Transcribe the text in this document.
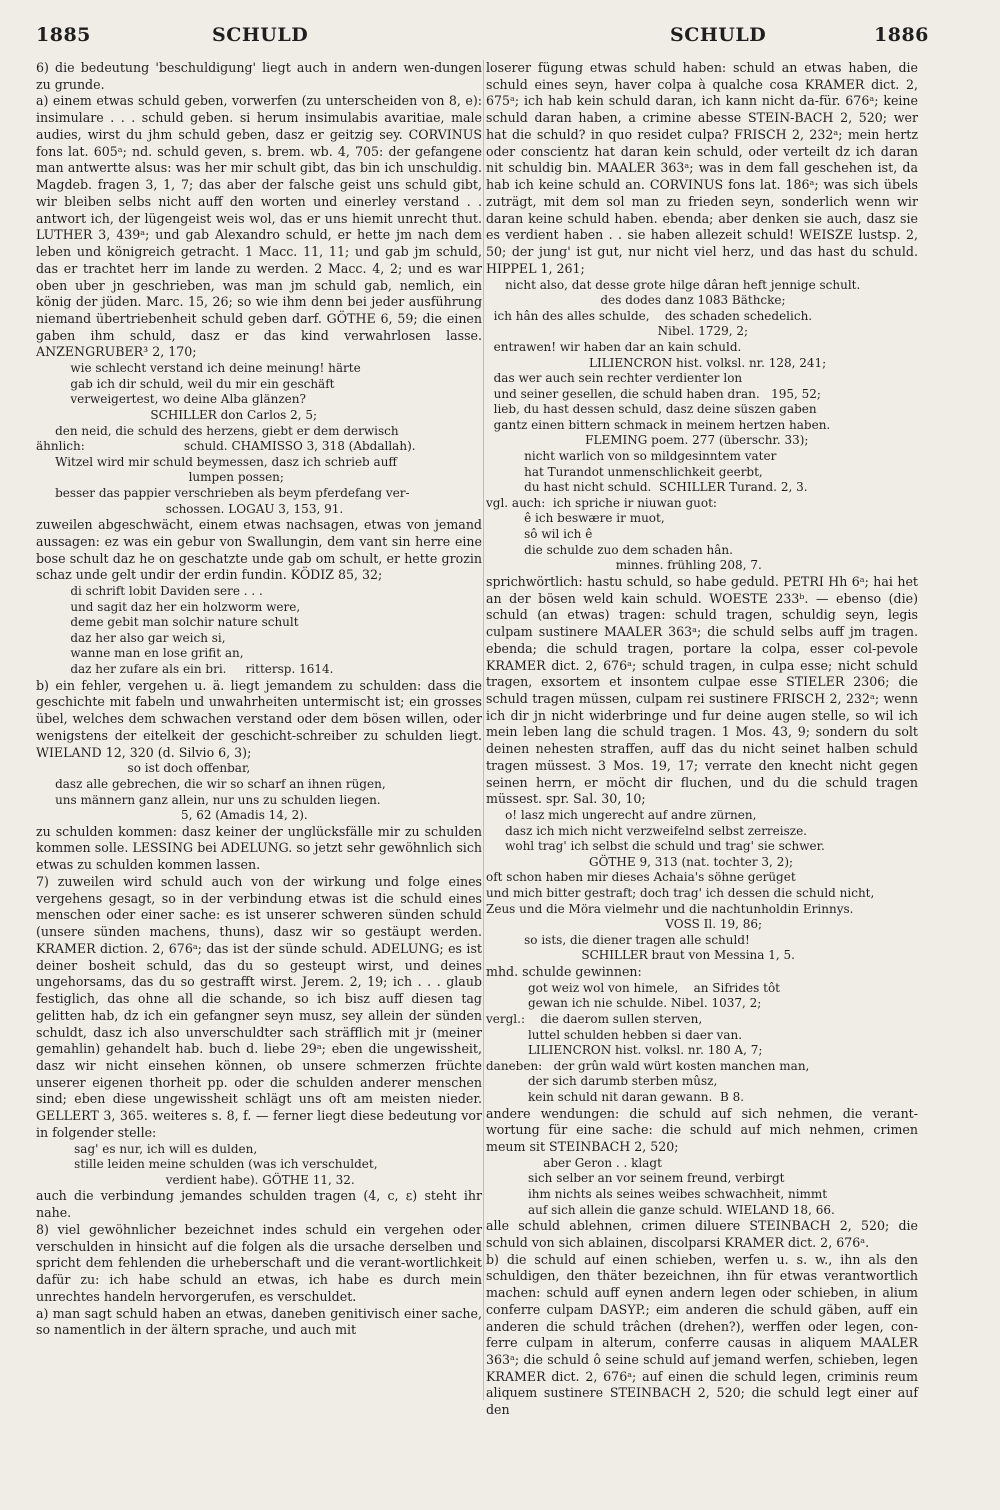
1885	SCHULD	SCHULD	1886

6) die bedeutung 'beschuldigung' liegt auch in andern wen-dungen zu grunde.

a) einem etwas schuld geben, vorwerfen (zu unterscheiden von 8, e): insimulare . . . schuld geben. si herum insimulabis avaritiae, male audies, wirst du jhm schuld geben, dasz er geitzig sey. CORVINUS fons lat. 605ᵃ; nd. schuld geven, s. brem. wb. 4, 705: der gefangene man antwertte alsus: was her mir schult gibt, das bin ich unschuldig. Magdeb. fragen 3, 1, 7; das aber der falsche geist uns schuld gibt, wir bleiben selbs nicht auff den worten und einerley verstand . . antwort ich, der lügengeist weis wol, das er uns hiemit unrecht thut. LUTHER 3, 439ᵃ; und gab Alexandro schuld, er hette jm nach dem leben und königreich getracht. 1 Macc. 11, 11; und gab jm schuld, das er trachtet herr im lande zu werden. 2 Macc. 4, 2; und es war oben uber jn geschrieben, was man jm schuld gab, nemlich, ein könig der jüden. Marc. 15, 26; so wie ihm denn bei jeder ausführung niemand übertriebenheit schuld geben darf. GÖTHE 6, 59; die einen gaben ihm schuld, dasz er das kind verwahrlosen lasse. ANZENGRUBER³ 2, 170;

wie schlecht verstand ich deine meinung! härte
gab ich dir schuld, weil du mir ein geschäft
verweigertest, wo deine Alba glänzen?
SCHILLER don Carlos 2, 5;

den neid, die schuld des herzens, giebt er dem derwisch
ähnlich:                          schuld. CHAMISSO 3, 318 (Abdallah).

Witzel wird mir schuld beymessen, dasz ich schrieb auff
lumpen possen;
besser das pappier verschrieben als beym pferdefang ver-
schossen. LOGAU 3, 153, 91.

zuweilen abgeschwächt, einem etwas nachsagen, etwas von jemand aussagen: ez was ein gebur von Swallungin, dem vant sin herre eine bose schult daz he on geschatzte unde gab om schult, er hette grozin schaz unde gelt undir der erdin fundin. KÖDIZ 85, 32;

di schrift lobit Daviden sere . . .
und sagit daz her ein holzworm were,
deme gebit man solchir nature schult
daz her also gar weich si,
wanne man en lose grifit an,
daz her zufare als ein bri.     rittersp. 1614.

b) ein fehler, vergehen u. ä. liegt jemandem zu schulden: dass die geschichte mit fabeln und unwahrheiten untermischt ist; ein grosses übel, welches dem schwachen verstand oder dem bösen willen, oder wenigstens der eitelkeit der geschicht-schreiber zu schulden liegt. WIELAND 12, 320 (d. Silvio 6, 3);

so ist doch offenbar,
dasz alle gebrechen, die wir so scharf an ihnen rügen,
uns männern ganz allein, nur uns zu schulden liegen.
5, 62 (Amadis 14, 2).

zu schulden kommen: dasz keiner der unglücksfälle mir zu schulden kommen solle. LESSING bei ADELUNG. so jetzt sehr gewöhnlich sich etwas zu schulden kommen lassen.

7) zuweilen wird schuld auch von der wirkung und folge eines vergehens gesagt, so in der verbindung etwas ist die schuld eines menschen oder einer sache: es ist unserer schweren sünden schuld (unsere sünden machens, thuns), dasz wir so gestäupt werden. KRAMER diction. 2, 676ᵃ; das ist der sünde schuld. ADELUNG; es ist deiner bosheit schuld, das du so gesteupt wirst, und deines ungehorsams, das du so gestrafft wirst. Jerem. 2, 19; ich . . . glaub festiglich, das ohne all die schande, so ich bisz auff diesen tag gelitten hab, dz ich ein gefangner seyn musz, sey allein der sünden schuldt, dasz ich also unverschuldter sach sträfflich mit jr (meiner gemahlin) gehandelt hab. buch d. liebe 29ᵃ; eben die ungewissheit, dasz wir nicht einsehen können, ob unsere schmerzen früchte unserer eigenen thorheit pp. oder die schulden anderer menschen sind; eben diese ungewissheit schlägt uns oft am meisten nieder. GELLERT 3, 365. weiteres s. 8, f. — ferner liegt diese bedeutung vor in folgender stelle:

sag' es nur, ich will es dulden,
stille leiden meine schulden (was ich verschuldet,
verdient habe). GÖTHE 11, 32.

auch die verbindung jemandes schulden tragen (4, c, ε) steht ihr nahe.

8) viel gewöhnlicher bezeichnet indes schuld ein vergehen oder verschulden in hinsicht auf die folgen als die ursache derselben und spricht dem fehlenden die urheberschaft und die verant-wortlichkeit dafür zu: ich habe schuld an etwas, ich habe es durch mein unrechtes handeln hervorgerufen, es verschuldet.

a) man sagt schuld haben an etwas, daneben genitivisch einer sache, so namentlich in der ältern sprache, und auch mit

loserer fügung etwas schuld haben: schuld an etwas haben, die schuld eines seyn, haver colpa à qualche cosa KRAMER dict. 2, 675ᵃ; ich hab kein schuld daran, ich kann nicht da-für. 676ᵃ; keine schuld daran haben, a crimine abesse STEIN-BACH 2, 520; wer hat die schuld? in quo residet culpa? FRISCH 2, 232ᵃ; mein hertz oder conscientz hat daran kein schuld, oder verteilt dz ich daran nit schuldig bin. MAALER 363ᵃ; was in dem fall geschehen ist, da hab ich keine schuld an. CORVINUS fons lat. 186ᵃ; was sich übels zuträgt, mit dem sol man zu frieden seyn, sonderlich wenn wir daran keine schuld haben. ebenda; aber denken sie auch, dasz sie es verdient haben . . sie haben allezeit schuld! WEISZE lustsp. 2, 50; der jung' ist gut, nur nicht viel herz, und das hast du schuld. HIPPEL 1, 261;

nicht also, dat desse grote hilge dâran heft jennige schult.
des dodes danz 1083 Bäthcke;

ich hân des alles schulde,    des schaden schedelich.
Nibel. 1729, 2;

entrawen! wir haben dar an kain schuld.
LILIENCRON hist. volksl. nr. 128, 241;

das wer auch sein rechter verdienter lon
und seiner gesellen, die schuld haben dran.   195, 52;

lieb, du hast dessen schuld, dasz deine süszen gaben
gantz einen bittern schmack in meinem hertzen haben.
FLEMING poem. 277 (überschr. 33);

nicht warlich von so mildgesinntem vater
hat Turandot unmenschlichkeit geerbt,
du hast nicht schuld.  SCHILLER Turand. 2, 3.

vgl. auch:  ich spriche ir niuwan guot:
ê ich beswære ir muot,
sô wil ich ê
die schulde zuo dem schaden hân.
minnes. frühling 208, 7.

sprichwörtlich: hastu schuld, so habe geduld. PETRI Hh 6ᵃ; hai het an der bösen weld kain schuld. WOESTE 233ᵇ. — ebenso (die) schuld (an etwas) tragen: schuld tragen, schuldig seyn, legis culpam sustinere MAALER 363ᵃ; die schuld selbs auff jm tragen. ebenda; die schuld tragen, portare la colpa, esser col-pevole KRAMER dict. 2, 676ᵃ; schuld tragen, in culpa esse; nicht schuld tragen, exsortem et insontem culpae esse STIELER 2306; die schuld tragen müssen, culpam rei sustinere FRISCH 2, 232ᵃ; wenn ich dir jn nicht widerbringe und fur deine augen stelle, so wil ich mein leben lang die schuld tragen. 1 Mos. 43, 9; sondern du solt deinen nehesten straffen, auff das du nicht seinet halben schuld tragen müssest. 3 Mos. 19, 17; verrate den knecht nicht gegen seinen herrn, er möcht dir fluchen, und du die schuld tragen müssest. spr. Sal. 30, 10;

o! lasz mich ungerecht auf andre zürnen,
dasz ich mich nicht verzweifelnd selbst zerreisze.
wohl trag' ich selbst die schuld und trag' sie schwer.
GÖTHE 9, 313 (nat. tochter 3, 2);

oft schon haben mir dieses Achaia's söhne gerüget
und mich bitter gestraft; doch trag' ich dessen die schuld nicht,
Zeus und die Möra vielmehr und die nachtunholdin Erinnys.
VOSS Il. 19, 86;

so ists, die diener tragen alle schuld!
SCHILLER braut von Messina 1, 5.

mhd. schulde gewinnen:

got weiz wol von himele,    an Sifrides tôt
gewan ich nie schulde. Nibel. 1037, 2;

vergl.:    die daerom sullen sterven,
luttel schulden hebben si daer van.
LILIENCRON hist. volksl. nr. 180 A, 7;

daneben:   der grûn wald würt kosten manchen man,
der sich darumb sterben mûsz,
kein schuld nit daran gewann.  B 8.

andere wendungen: die schuld auf sich nehmen, die verant-wortung für eine sache: die schuld auf mich nehmen, crimen meum sit STEINBACH 2, 520;

aber Geron . . klagt
sich selber an vor seinem freund, verbirgt
ihm nichts als seines weibes schwachheit, nimmt
auf sich allein die ganze schuld. WIELAND 18, 66.

alle schuld ablehnen, crimen diluere STEINBACH 2, 520; die schuld von sich ablainen, discolparsi KRAMER dict. 2, 676ᵃ.

b) die schuld auf einen schieben, werfen u. s. w., ihn als den schuldigen, den thäter bezeichnen, ihn für etwas verantwortlich machen: schuld auff eynen andern legen oder schieben, in alium conferre culpam DASYP.; eim anderen die schuld gäben, auff ein anderen die schuld trâchen (drehen?), werffen oder legen, con-ferre culpam in alterum, conferre causas in aliquem MAALER 363ᵃ; die schuld ô seine schuld auf jemand werfen, schieben, legen KRAMER dict. 2, 676ᵃ; auf einen die schuld legen, criminis reum aliquem sustinere STEINBACH 2, 520; die schuld legt einer auf den
